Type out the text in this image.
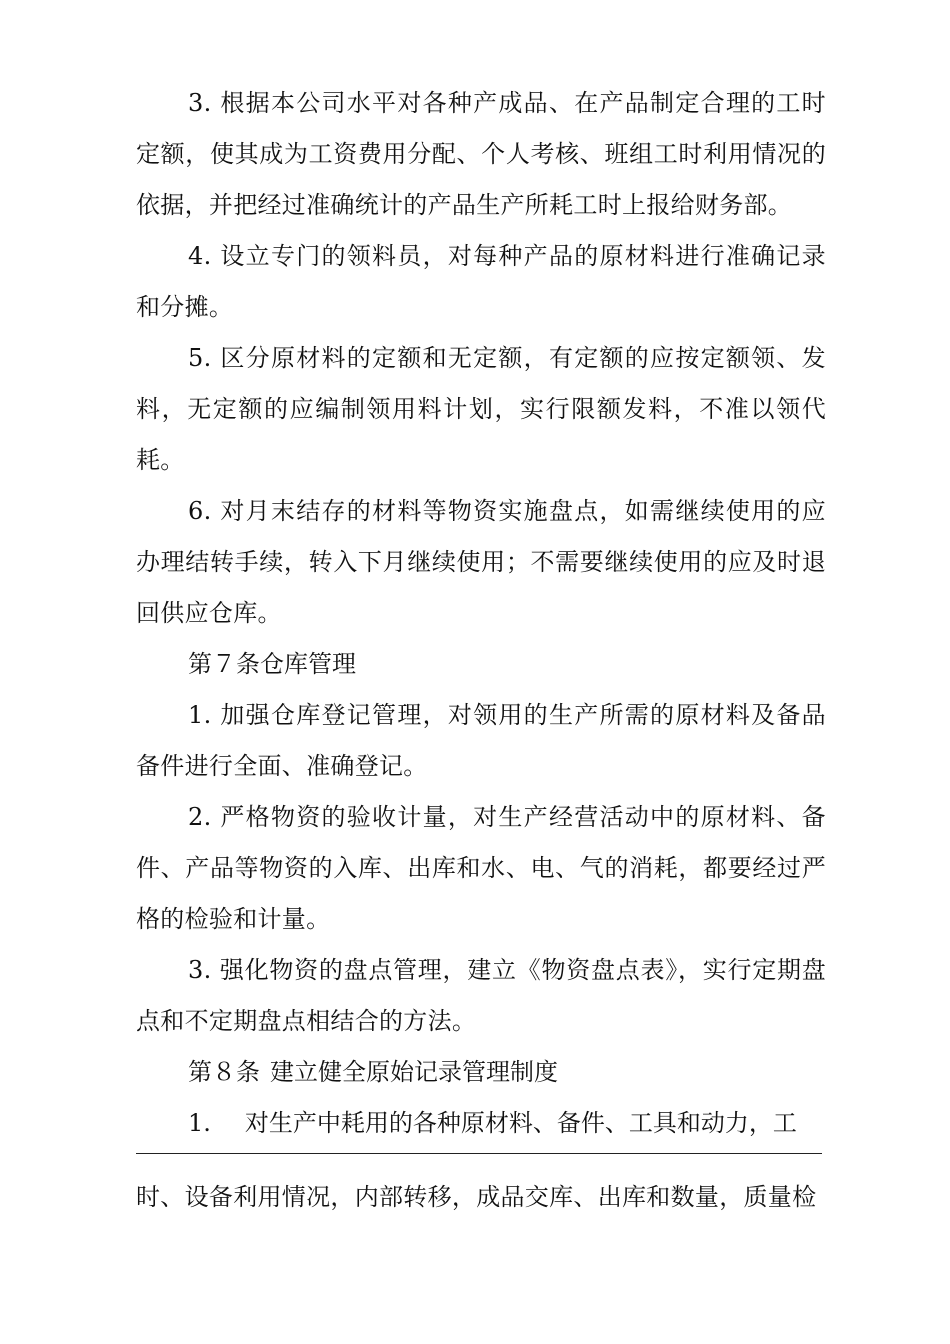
3. 根据本公司水平对各种产成品、在产品制定合理的工时定额，使其成为工资费用分配、个人考核、班组工时利用情况的依据，并把经过准确统计的产品生产所耗工时上报给财务部。

4. 设立专门的领料员，对每种产品的原材料进行准确记录和分摊。

5. 区分原材料的定额和无定额，有定额的应按定额领、发料，无定额的应编制领用料计划，实行限额发料，不准以领代耗。

6. 对月末结存的材料等物资实施盘点，如需继续使用的应办理结转手续，转入下月继续使用；不需要继续使用的应及时退回供应仓库。

第７条仓库管理

1. 加强仓库登记管理，对领用的生产所需的原材料及备品备件进行全面、准确登记。

2. 严格物资的验收计量，对生产经营活动中的原材料、备件、产品等物资的入库、出库和水、电、气的消耗，都要经过严格的检验和计量。

3. 强化物资的盘点管理，建立《物资盘点表》，实行定期盘点和不定期盘点相结合的方法。

第８条 建立健全原始记录管理制度

1. 对生产中耗用的各种原材料、备件、工具和动力，工

时、设备利用情况，内部转移，成品交库、出库和数量，质量检
